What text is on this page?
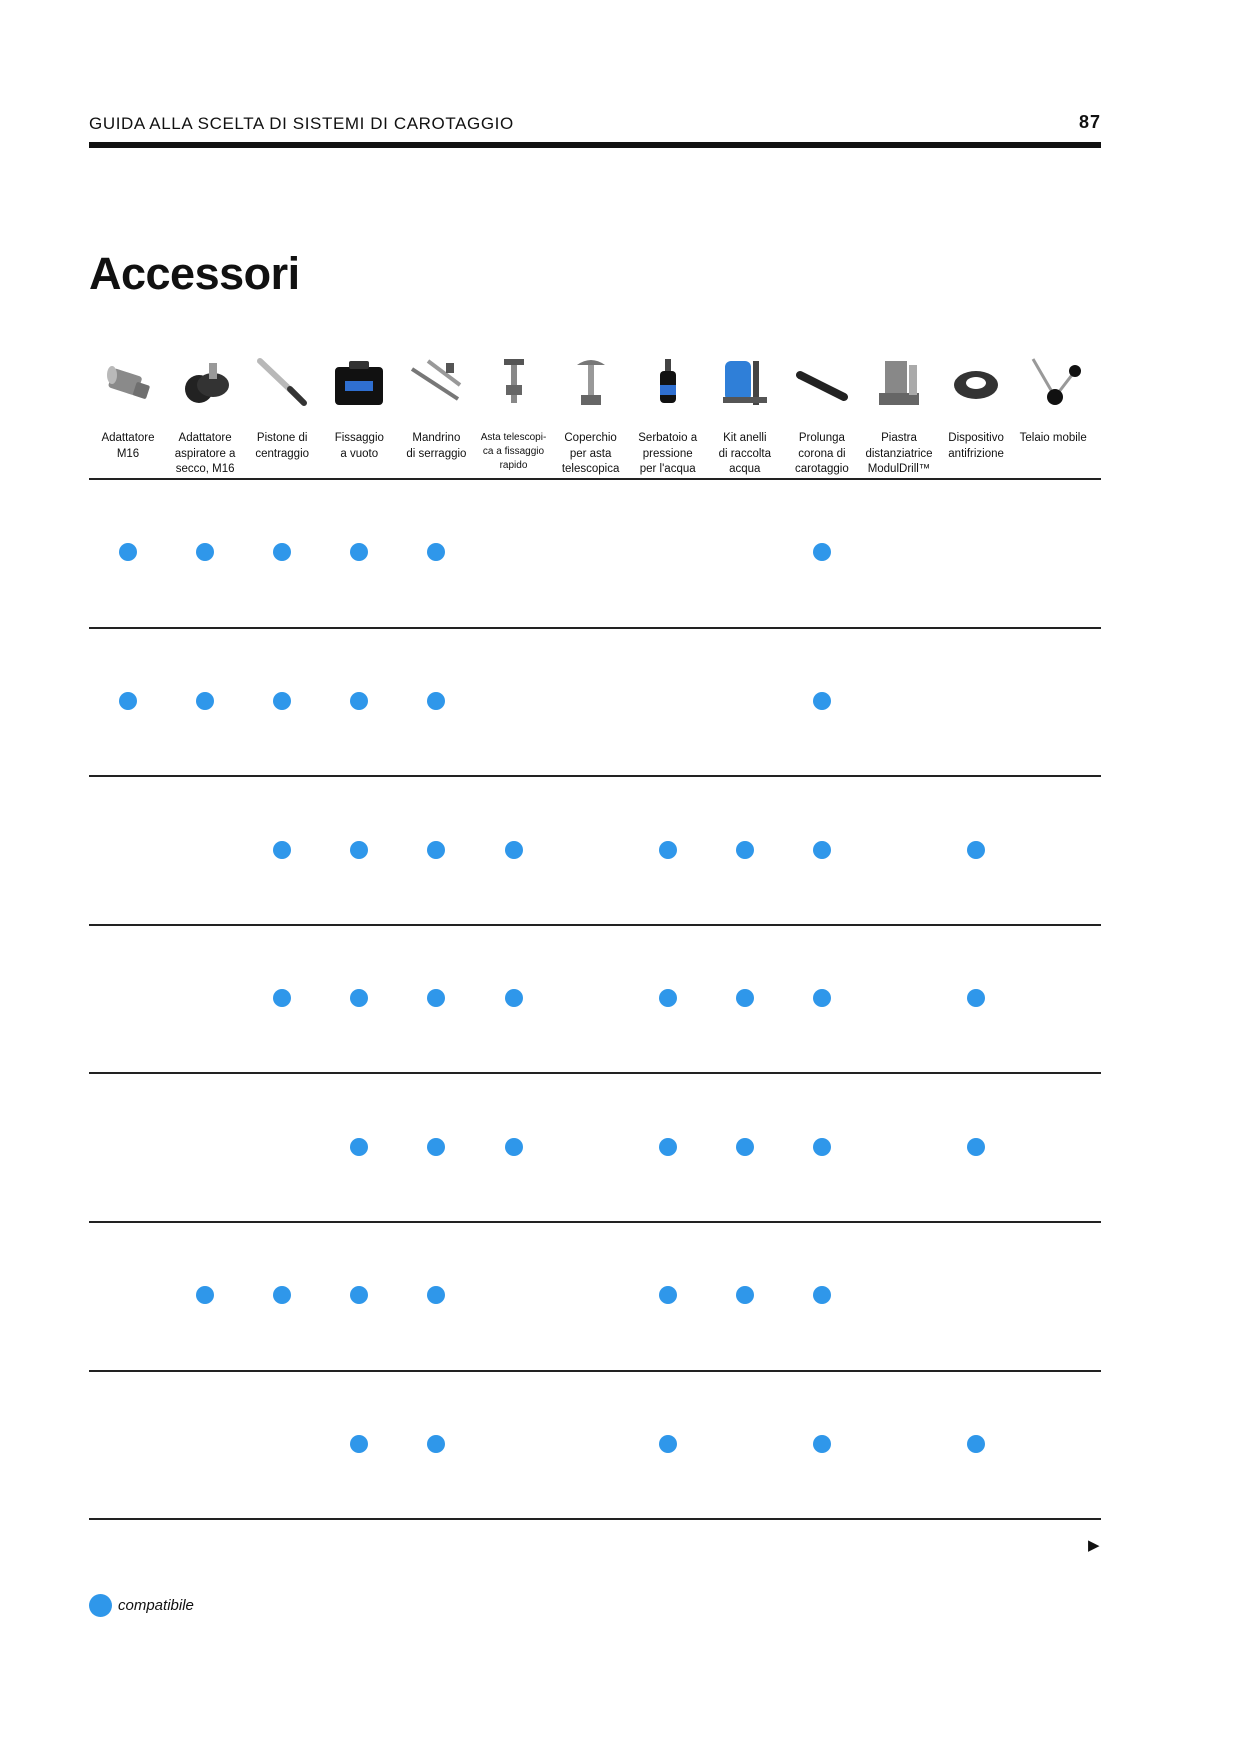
GUIDA ALLA SCELTA DI SISTEMI DI CAROTAGGIO	87
Accessori
Adattatore
M16
Adattatore
aspiratore a
secco, M16
Pistone di
centraggio
Fissaggio
a vuoto
Mandrino
di serraggio
Asta telescopi-
ca a fissaggio
rapido
Coperchio
per asta
telescopica
Serbatoio a
pressione
per l'acqua
Kit anelli
di raccolta
acqua
Prolunga
corona di
carotaggio
Piastra
distanziatrice
ModulDrill™
Dispositivo
antifrizione
Telaio mobile
▶
compatibile
